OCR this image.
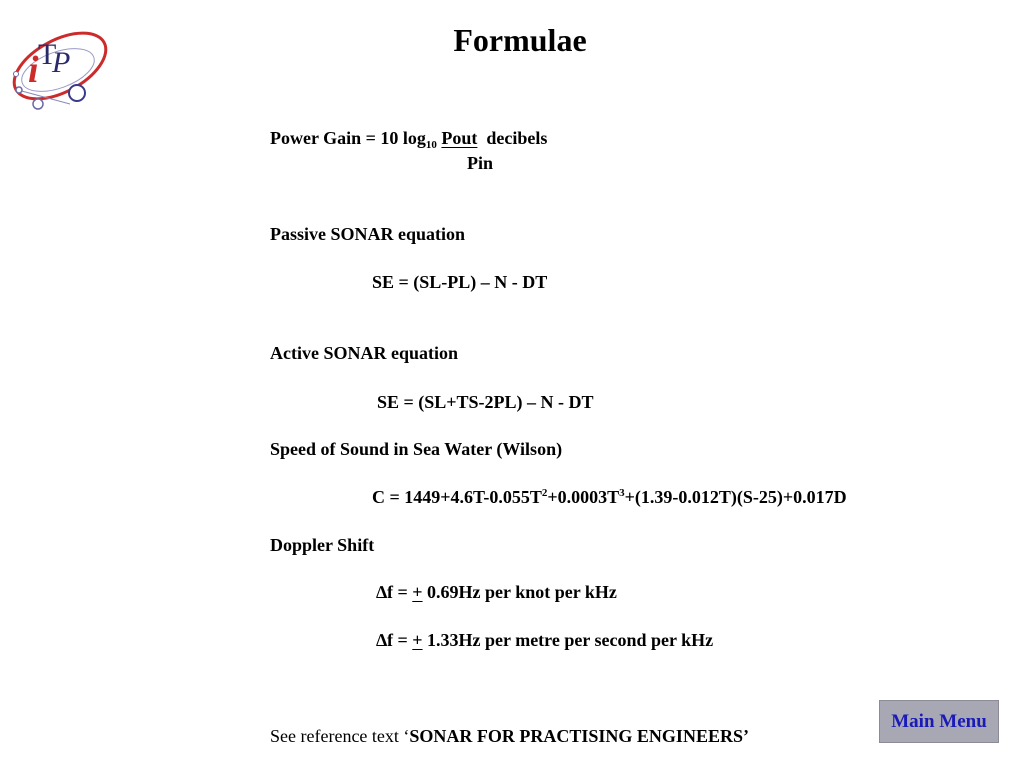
i T
P
Formulae
Power Gain = 10 $\log_{10}$ Pout decibels
Pin
Passive SONAR equation
SE = (SL-PL) – N - DT
Active SONAR equation
SE = (SL+TS-2PL) – N - DT
Speed of Sound in Sea Water (Wilson)
$C = 1449+4.6T-0.055T^2+0.0003T^3+(1.39-0.012T)(S-25)+0.017D$
Doppler Shift
∆f = + 0.69Hz per knot per kHz
∆f = + 1.33Hz per metre per second per kHz
See reference text ‘SONAR FOR PRACTISING ENGINEERS’
Main Menu
